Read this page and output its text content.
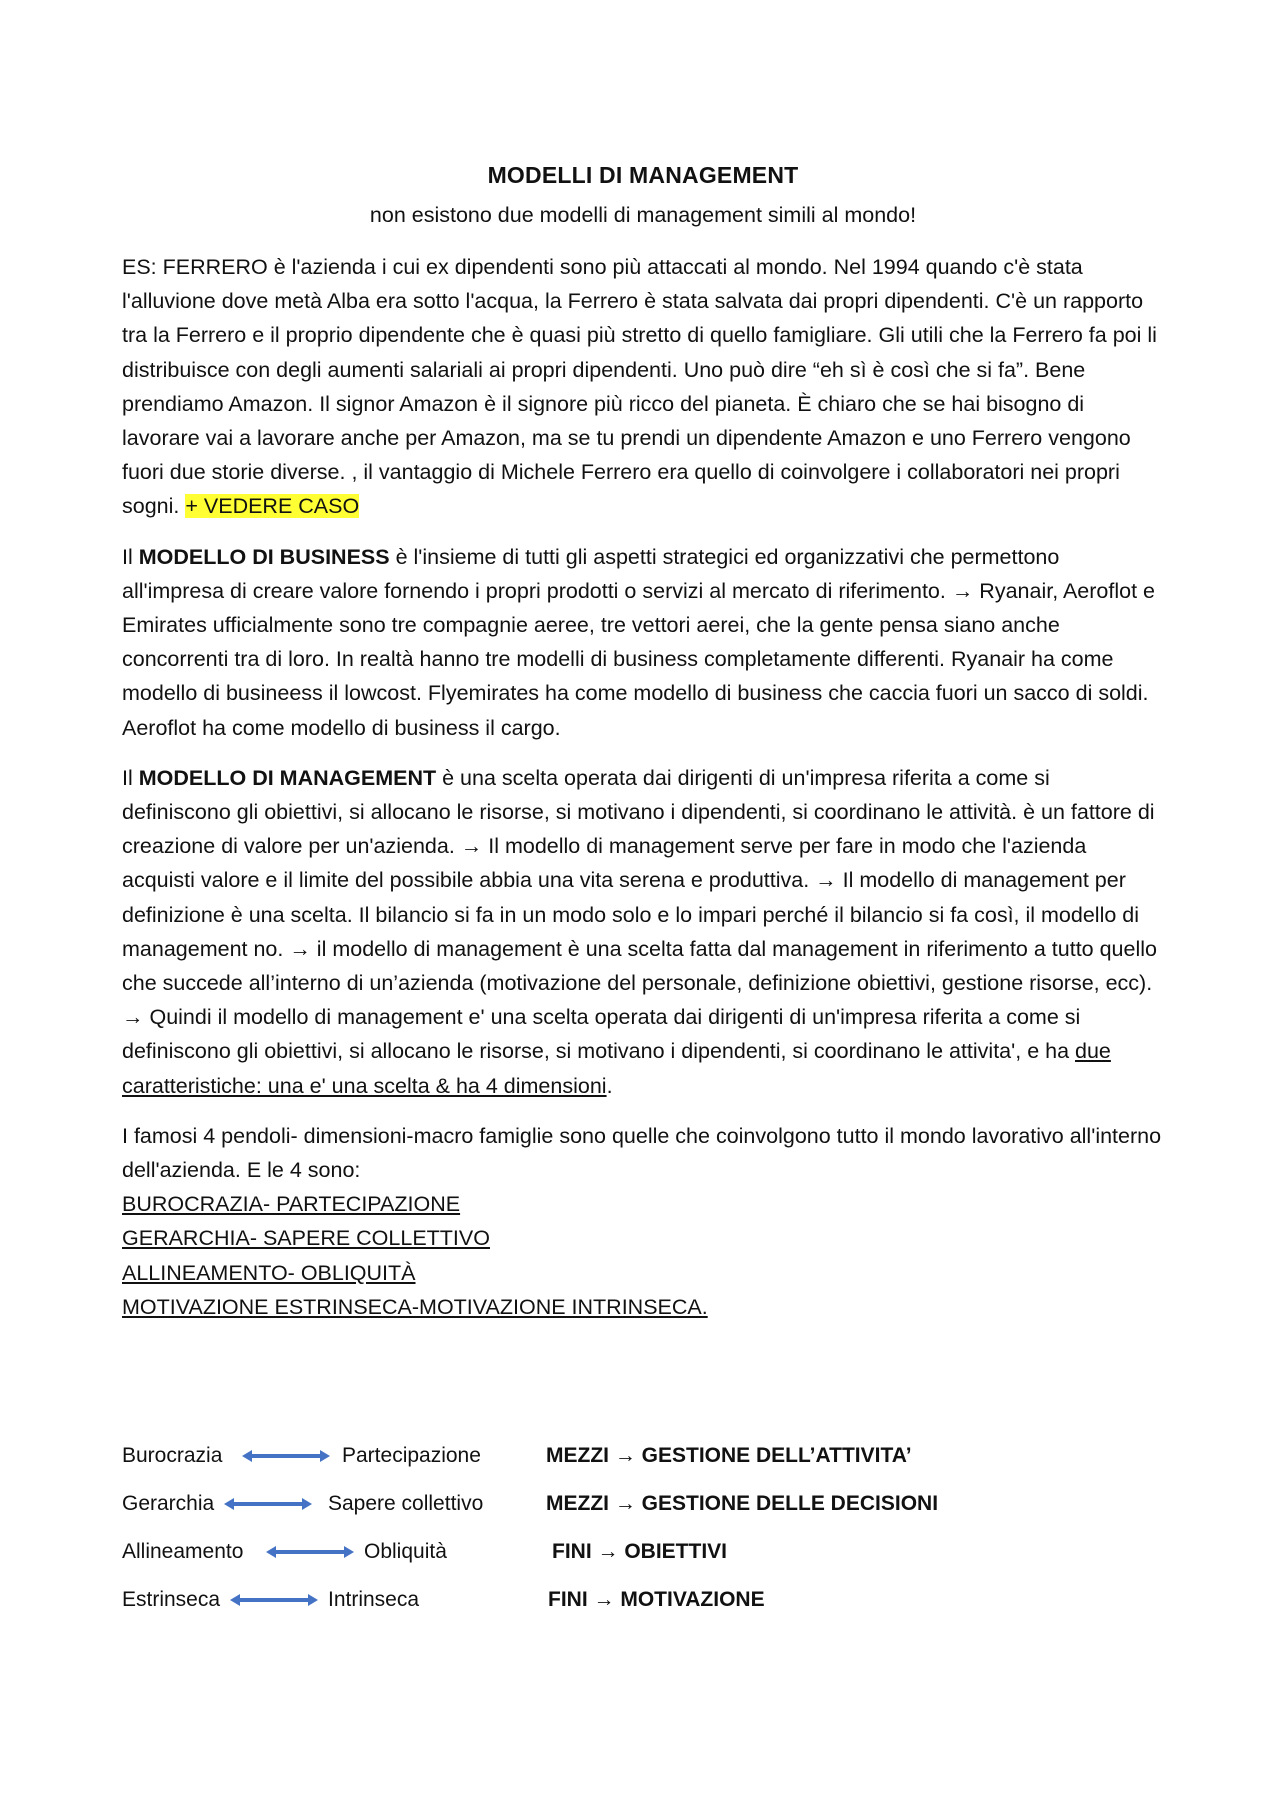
MODELLI DI MANAGEMENT
non esistono due modelli di management simili al mondo!

ES: FERRERO è l'azienda i cui ex dipendenti sono più attaccati al mondo. Nel 1994 quando c'è stata l'alluvione dove metà Alba era sotto l'acqua, la Ferrero è stata salvata dai propri dipendenti. C'è un rapporto tra la Ferrero e il proprio dipendente che è quasi più stretto di quello famigliare. Gli utili che la Ferrero fa poi li distribuisce con degli aumenti salariali ai propri dipendenti. Uno può dire “eh sì è così che si fa”. Bene prendiamo Amazon. Il signor Amazon è il signore più ricco del pianeta. È chiaro che se hai bisogno di lavorare vai a lavorare anche per Amazon, ma se tu prendi un dipendente Amazon e uno Ferrero vengono fuori due storie diverse. , il vantaggio di Michele Ferrero era quello di coinvolgere i collaboratori nei propri sogni. + VEDERE CASO

Il MODELLO DI BUSINESS è l'insieme di tutti gli aspetti strategici ed organizzativi che permettono all'impresa di creare valore fornendo i propri prodotti o servizi al mercato di riferimento. → Ryanair, Aeroflot e Emirates ufficialmente sono tre compagnie aeree, tre vettori aerei, che la gente pensa siano anche concorrenti tra di loro. In realtà hanno tre modelli di business completamente differenti. Ryanair ha come modello di busineess il lowcost. Flyemirates ha come modello di business che caccia fuori un sacco di soldi. Aeroflot ha come modello di business il cargo.

Il MODELLO DI MANAGEMENT è una scelta operata dai dirigenti di un'impresa riferita a come si definiscono gli obiettivi, si allocano le risorse, si motivano i dipendenti, si coordinano le attività. è un fattore di creazione di valore per un'azienda. → Il modello di management serve per fare in modo che l'azienda acquisti valore e il limite del possibile abbia una vita serena e produttiva. → Il modello di management per definizione è una scelta. Il bilancio si fa in un modo solo e lo impari perché il bilancio si fa così, il modello di management no. → il modello di management è una scelta fatta dal management in riferimento a tutto quello che succede all’interno di un’azienda (motivazione del personale, definizione obiettivi, gestione risorse, ecc). → Quindi il modello di management e' una scelta operata dai dirigenti di un'impresa riferita a come si definiscono gli obiettivi, si allocano le risorse, si motivano i dipendenti, si coordinano le attivita', e ha due caratteristiche: una e' una scelta & ha 4 dimensioni.

I famosi 4 pendoli- dimensioni-macro famiglie sono quelle che coinvolgono tutto il mondo lavorativo all'interno dell'azienda. E le 4 sono:

BUROCRAZIA- PARTECIPAZIONE
GERARCHIA- SAPERE COLLETTIVO
ALLINEAMENTO- OBLIQUITÀ
MOTIVAZIONE ESTRINSECA-MOTIVAZIONE INTRINSECA.
Burocrazia	Partecipazione	MEZZI → GESTIONE DELL’ATTIVITA’
Gerarchia	Sapere collettivo	MEZZI → GESTIONE DELLE DECISIONI
Allineamento	Obliquità	FINI → OBIETTIVI
Estrinseca	Intrinseca	FINI → MOTIVAZIONE
